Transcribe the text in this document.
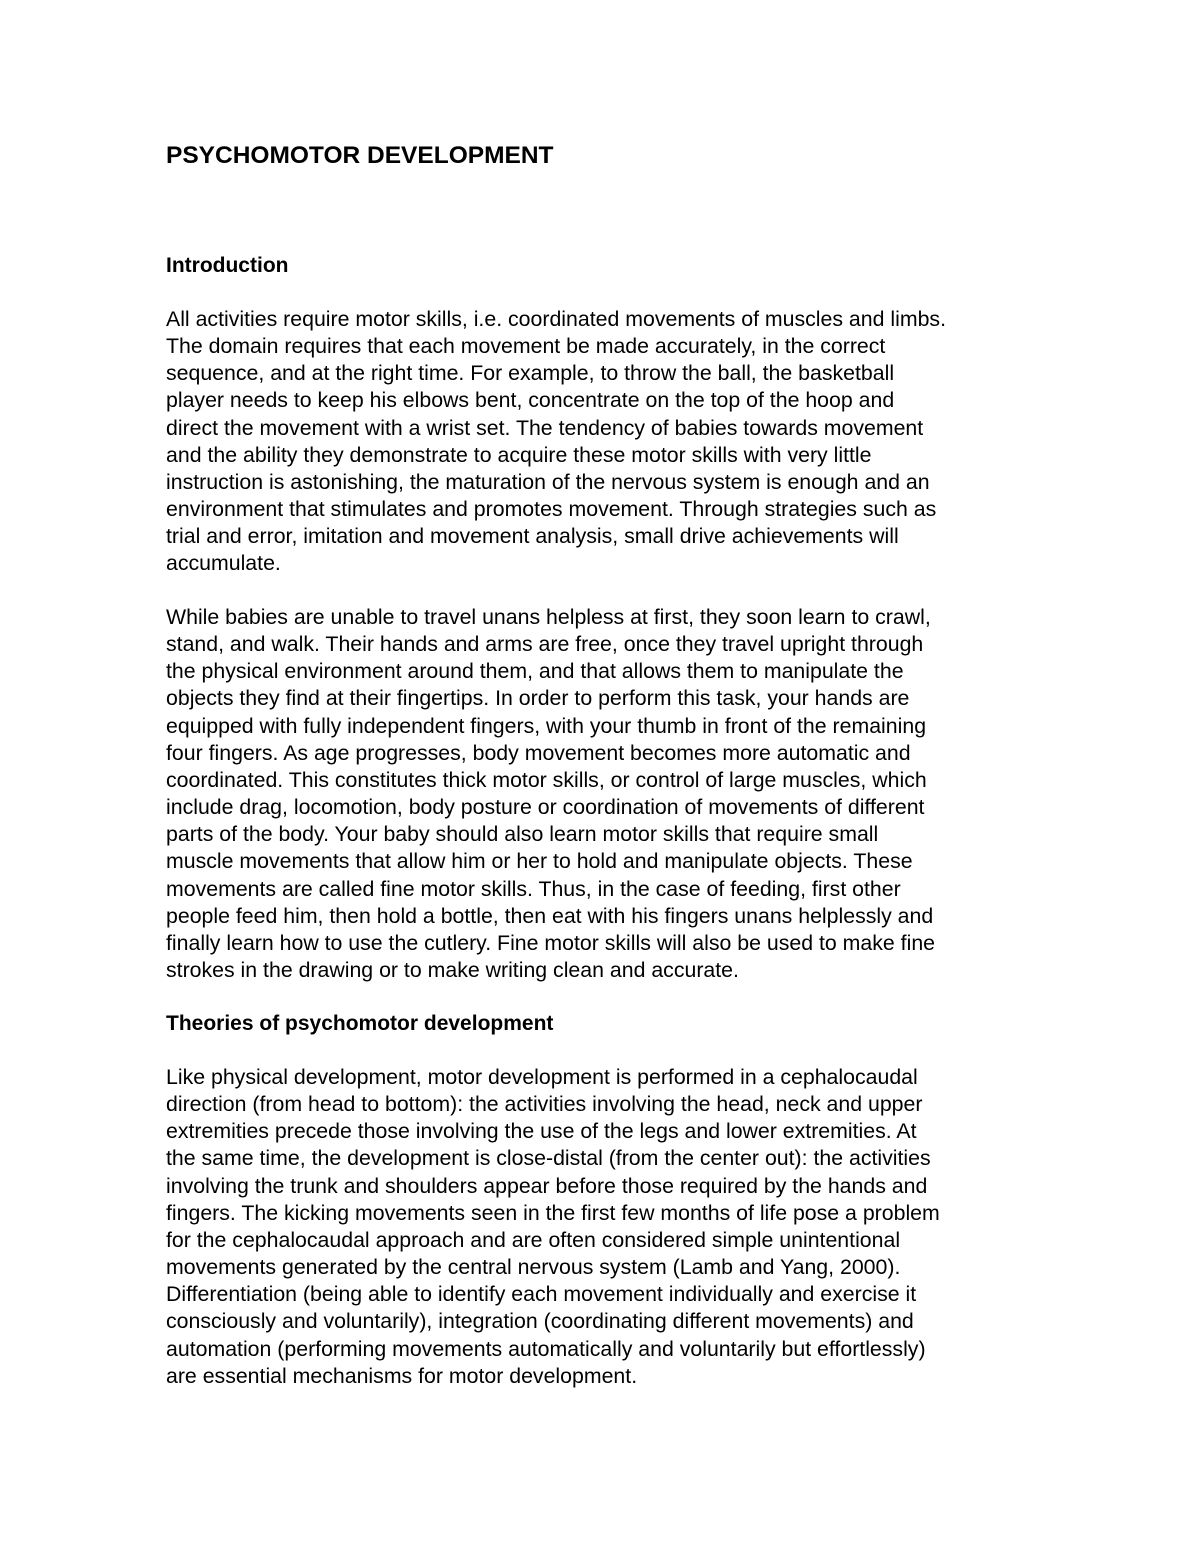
PSYCHOMOTOR DEVELOPMENT
Introduction

All activities require motor skills, i.e. coordinated movements of muscles and limbs.
The domain requires that each movement be made accurately, in the correct
sequence, and at the right time. For example, to throw the ball, the basketball
player needs to keep his elbows bent, concentrate on the top of the hoop and
direct the movement with a wrist set. The tendency of babies towards movement
and the ability they demonstrate to acquire these motor skills with very little
instruction is astonishing, the maturation of the nervous system is enough and an
environment that stimulates and promotes movement. Through strategies such as
trial and error, imitation and movement analysis, small drive achievements will
accumulate.

While babies are unable to travel unans helpless at first, they soon learn to crawl,
stand, and walk. Their hands and arms are free, once they travel upright through
the physical environment around them, and that allows them to manipulate the
objects they find at their fingertips. In order to perform this task, your hands are
equipped with fully independent fingers, with your thumb in front of the remaining
four fingers. As age progresses, body movement becomes more automatic and
coordinated. This constitutes thick motor skills, or control of large muscles, which
include drag, locomotion, body posture or coordination of movements of different
parts of the body. Your baby should also learn motor skills that require small
muscle movements that allow him or her to hold and manipulate objects. These
movements are called fine motor skills. Thus, in the case of feeding, first other
people feed him, then hold a bottle, then eat with his fingers unans helplessly and
finally learn how to use the cutlery. Fine motor skills will also be used to make fine
strokes in the drawing or to make writing clean and accurate.

Theories of psychomotor development

Like physical development, motor development is performed in a cephalocaudal
direction (from head to bottom): the activities involving the head, neck and upper
extremities precede those involving the use of the legs and lower extremities. At
the same time, the development is close-distal (from the center out): the activities
involving the trunk and shoulders appear before those required by the hands and
fingers. The kicking movements seen in the first few months of life pose a problem
for the cephalocaudal approach and are often considered simple unintentional
movements generated by the central nervous system (Lamb and Yang, 2000).
Differentiation (being able to identify each movement individually and exercise it
consciously and voluntarily), integration (coordinating different movements) and
automation (performing movements automatically and voluntarily but effortlessly)
are essential mechanisms for motor development.
